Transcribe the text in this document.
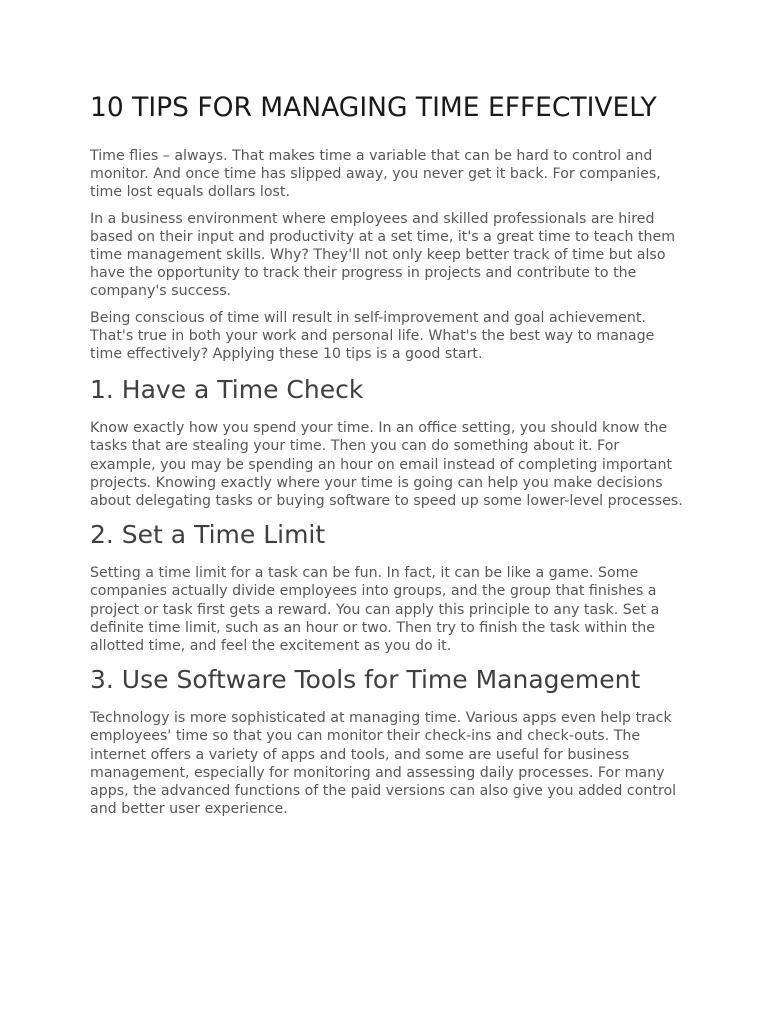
10 TIPS FOR MANAGING TIME EFFECTIVELY

Time flies – always. That makes time a variable that can be hard to control and monitor. And once time has slipped away, you never get it back. For companies, time lost equals dollars lost.

In a business environment where employees and skilled professionals are hired based on their input and productivity at a set time, it's a great time to teach them time management skills. Why? They'll not only keep better track of time but also have the opportunity to track their progress in projects and contribute to the company's success.

Being conscious of time will result in self-improvement and goal achievement. That's true in both your work and personal life. What's the best way to manage time effectively? Applying these 10 tips is a good start.

1. Have a Time Check

Know exactly how you spend your time. In an office setting, you should know the tasks that are stealing your time. Then you can do something about it. For example, you may be spending an hour on email instead of completing important projects. Knowing exactly where your time is going can help you make decisions about delegating tasks or buying software to speed up some lower-level processes.

2. Set a Time Limit

Setting a time limit for a task can be fun. In fact, it can be like a game. Some companies actually divide employees into groups, and the group that finishes a project or task first gets a reward. You can apply this principle to any task. Set a definite time limit, such as an hour or two. Then try to finish the task within the allotted time, and feel the excitement as you do it.

3. Use Software Tools for Time Management

Technology is more sophisticated at managing time. Various apps even help track employees' time so that you can monitor their check-ins and check-outs. The internet offers a variety of apps and tools, and some are useful for business management, especially for monitoring and assessing daily processes. For many apps, the advanced functions of the paid versions can also give you added control and better user experience.
